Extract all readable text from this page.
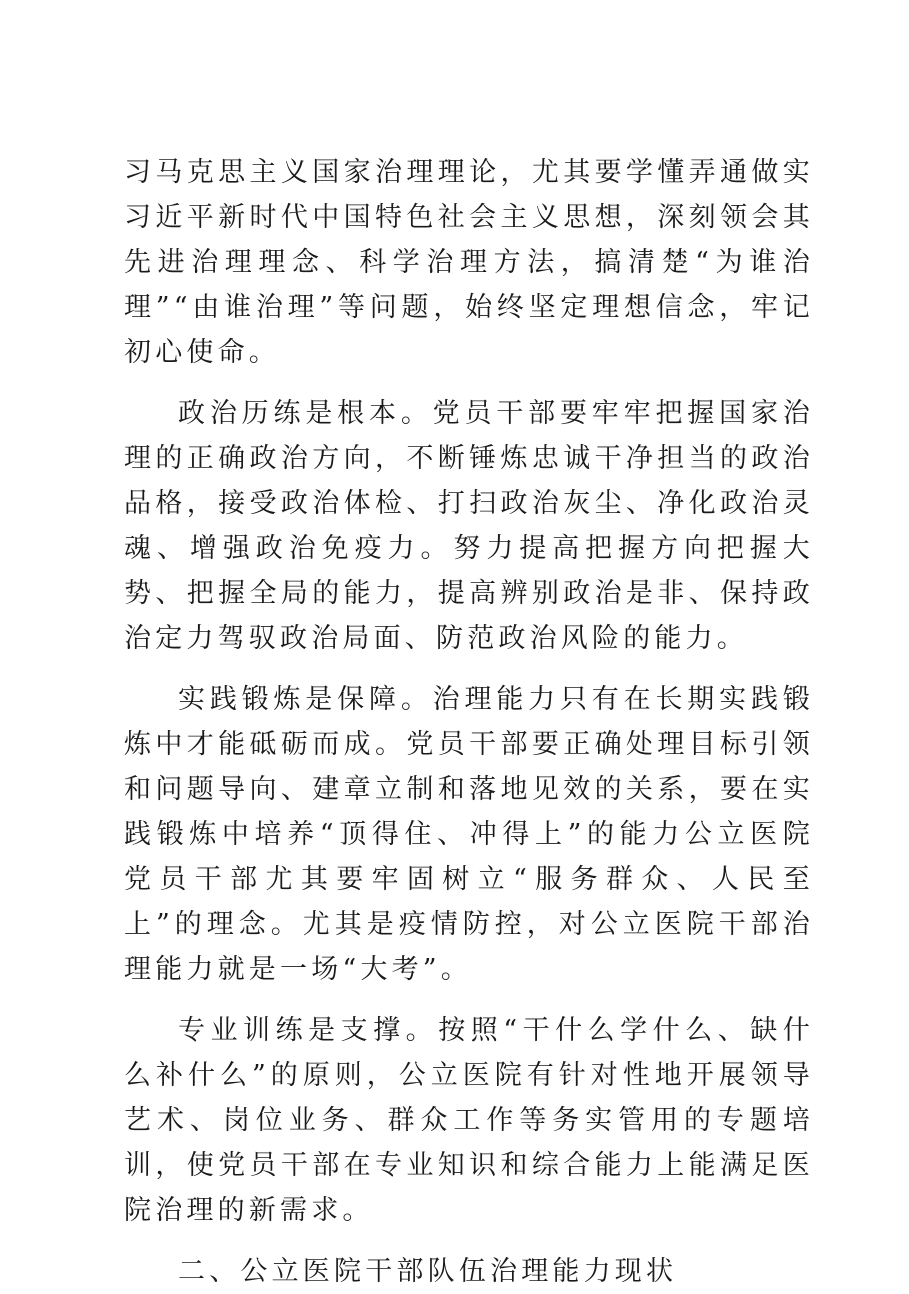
习马克思主义国家治理理论，尤其要学懂弄通做实习近平新时代中国特色社会主义思想，深刻领会其先进治理理念、科学治理方法，搞清楚“为谁治理”“由谁治理”等问题，始终坚定理想信念，牢记初心使命。

政治历练是根本。党员干部要牢牢把握国家治理的正确政治方向，不断锤炼忠诚干净担当的政治品格，接受政治体检、打扫政治灰尘、净化政治灵魂、增强政治免疫力。努力提高把握方向把握大势、把握全局的能力，提高辨别政治是非、保持政治定力驾驭政治局面、防范政治风险的能力。

实践锻炼是保障。治理能力只有在长期实践锻炼中才能砥砺而成。党员干部要正确处理目标引领和问题导向、建章立制和落地见效的关系，要在实践锻炼中培养“顶得住、冲得上”的能力公立医院党员干部尤其要牢固树立“服务群众、人民至上”的理念。尤其是疫情防控，对公立医院干部治理能力就是一场“大考”。

专业训练是支撑。按照“干什么学什么、缺什么补什么”的原则，公立医院有针对性地开展领导艺术、岗位业务、群众工作等务实管用的专题培训，使党员干部在专业知识和综合能力上能满足医院治理的新需求。

二、公立医院干部队伍治理能力现状
